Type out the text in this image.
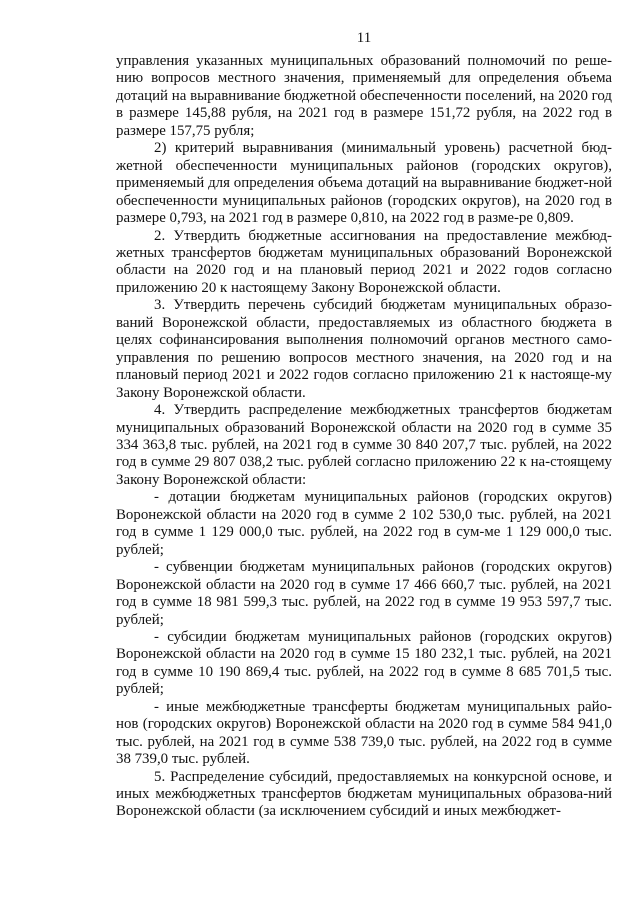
11

управления указанных муниципальных образований полномочий по реше-нию вопросов местного значения, применяемый для определения объема дотаций на выравнивание бюджетной обеспеченности поселений, на 2020 год в размере 145,88 рубля, на 2021 год в размере 151,72 рубля, на 2022 год в размере 157,75 рубля;

2) критерий выравнивания (минимальный уровень) расчетной бюд-жетной обеспеченности муниципальных районов (городских округов), применяемый для определения объема дотаций на выравнивание бюджет-ной обеспеченности муниципальных районов (городских округов), на 2020 год в размере 0,793, на 2021 год в размере 0,810, на 2022 год в разме-ре 0,809.

2. Утвердить бюджетные ассигнования на предоставление межбюд-жетных трансфертов бюджетам муниципальных образований Воронежской области на 2020 год и на плановый период 2021 и 2022 годов согласно приложению 20 к настоящему Закону Воронежской области.

3. Утвердить перечень субсидий бюджетам муниципальных образо-ваний Воронежской области, предоставляемых из областного бюджета в целях софинансирования выполнения полномочий органов местного само-управления по решению вопросов местного значения, на 2020 год и на плановый период 2021 и 2022 годов согласно приложению 21 к настояще-му Закону Воронежской области.

4. Утвердить распределение межбюджетных трансфертов бюджетам муниципальных образований Воронежской области на 2020 год в сумме 35 334 363,8 тыс. рублей, на 2021 год в сумме 30 840 207,7 тыс. рублей, на 2022 год в сумме 29 807 038,2 тыс. рублей согласно приложению 22 к на-стоящему Закону Воронежской области:

- дотации бюджетам муниципальных районов (городских округов) Воронежской области на 2020 год в сумме 2 102 530,0 тыс. рублей, на 2021 год в сумме 1 129 000,0 тыс. рублей, на 2022 год в сум-ме 1 129 000,0 тыс. рублей;

- субвенции бюджетам муниципальных районов (городских округов) Воронежской области на 2020 год в сумме 17 466 660,7 тыс. рублей, на 2021 год в сумме 18 981 599,3 тыс. рублей, на 2022 год в сумме 19 953 597,7 тыс. рублей;

- субсидии бюджетам муниципальных районов (городских округов) Воронежской области на 2020 год в сумме 15 180 232,1 тыс. рублей, на 2021 год в сумме 10 190 869,4 тыс. рублей, на 2022 год в сумме 8 685 701,5 тыс. рублей;

- иные межбюджетные трансферты бюджетам муниципальных райо-нов (городских округов) Воронежской области на 2020 год в сумме 584 941,0 тыс. рублей, на 2021 год в сумме 538 739,0 тыс. рублей, на 2022 год в сумме 38 739,0 тыс. рублей.

5. Распределение субсидий, предоставляемых на конкурсной основе, и иных межбюджетных трансфертов бюджетам муниципальных образова-ний Воронежской области (за исключением субсидий и иных межбюджет-
